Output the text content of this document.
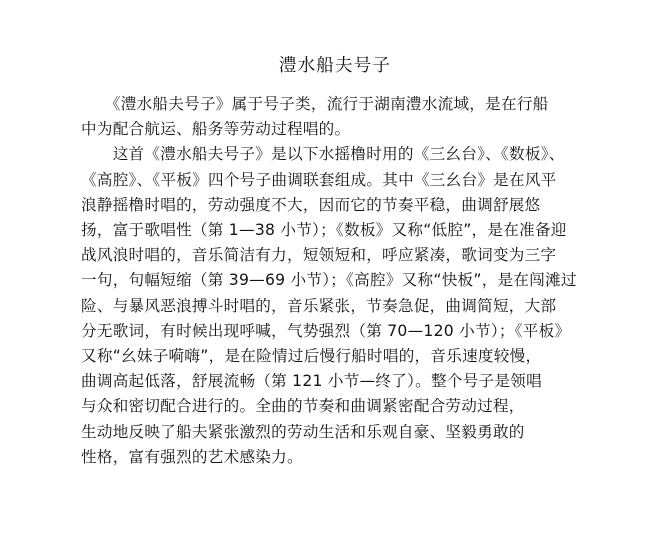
澧水船夫号子
　　《澧水船夫号子》属于号子类，流行于湖南澧水流域，是在行船
中为配合航运、船务等劳动过程唱的。
　　这首《澧水船夫号子》是以下水摇橹时用的《三幺台》、《数板》、
《高腔》、《平板》四个号子曲调联套组成。其中《三幺台》是在风平
浪静摇橹时唱的，劳动强度不大，因而它的节奏平稳，曲调舒展悠
扬，富于歌唱性（第 1—38 小节）；《数板》又称“低腔”，是在准备迎
战风浪时唱的，音乐简洁有力，短领短和，呼应紧凑，歌词变为三字
一句，句幅短缩（第 39—69 小节）；《高腔》又称“快板”，是在闯滩过
险、与暴风恶浪搏斗时唱的，音乐紧张，节奏急促，曲调简短，大部
分无歌词，有时候出现呼喊，气势强烈（第 70—120 小节）；《平板》
又称“幺妹子嗬嗨”，是在险情过后慢行船时唱的，音乐速度较慢，
曲调高起低落，舒展流畅（第 121 小节—终了）。整个号子是领唱
与众和密切配合进行的。全曲的节奏和曲调紧密配合劳动过程，
生动地反映了船夫紧张激烈的劳动生活和乐观自豪、坚毅勇敢的
性格，富有强烈的艺术感染力。
